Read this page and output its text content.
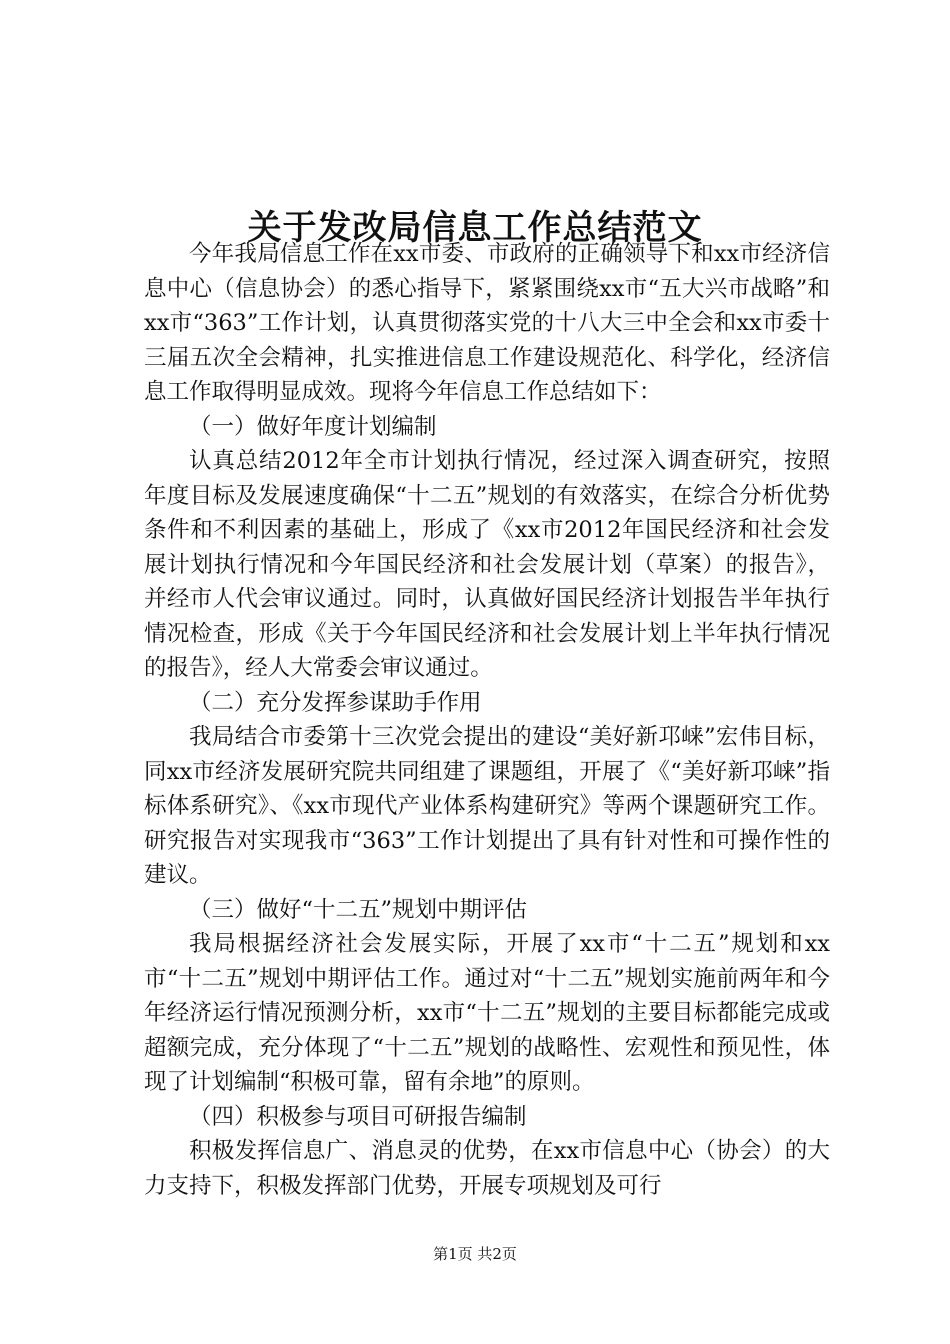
关于发改局信息工作总结范文

今年我局信息工作在xx市委、市政府的正确领导下和xx市经济信息中心（信息协会）的悉心指导下，紧紧围绕xx市“五大兴市战略”和xx市“363”工作计划，认真贯彻落实党的十八大三中全会和xx市委十三届五次全会精神，扎实推进信息工作建设规范化、科学化，经济信息工作取得明显成效。现将今年信息工作总结如下：

（一）做好年度计划编制

认真总结2012年全市计划执行情况，经过深入调查研究，按照年度目标及发展速度确保“十二五”规划的有效落实，在综合分析优势条件和不利因素的基础上，形成了《xx市2012年国民经济和社会发展计划执行情况和今年国民经济和社会发展计划（草案）的报告》，并经市人代会审议通过。同时，认真做好国民经济计划报告半年执行情况检查，形成《关于今年国民经济和社会发展计划上半年执行情况的报告》，经人大常委会审议通过。

（二）充分发挥参谋助手作用

我局结合市委第十三次党会提出的建设“美好新邛崃”宏伟目标，同xx市经济发展研究院共同组建了课题组，开展了《“美好新邛崃”指标体系研究》、《xx市现代产业体系构建研究》等两个课题研究工作。研究报告对实现我市“363”工作计划提出了具有针对性和可操作性的建议。

（三）做好“十二五”规划中期评估

我局根据经济社会发展实际，开展了xx市“十二五”规划和xx市“十二五”规划中期评估工作。通过对“十二五”规划实施前两年和今年经济运行情况预测分析，xx市“十二五”规划的主要目标都能完成或超额完成，充分体现了“十二五”规划的战略性、宏观性和预见性，体现了计划编制“积极可靠，留有余地”的原则。

（四）积极参与项目可研报告编制

积极发挥信息广、消息灵的优势，在xx市信息中心（协会）的大力支持下，积极发挥部门优势，开展专项规划及可行

第1页 共2页
